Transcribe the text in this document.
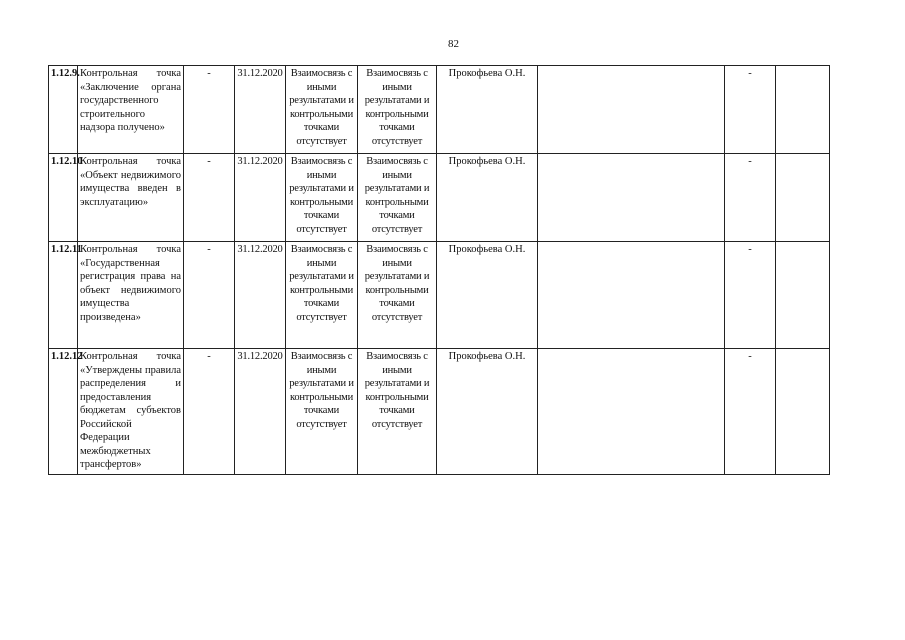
82
1.12.9.	Контрольная точка «Заключение органа государственного строительного надзора получено»	-	31.12.2020	Взаимосвязь с иными результатами и контрольными точками отсутствует	Взаимосвязь с иными результатами и контрольными точками отсутствует	Прокофьева О.Н.		-	
1.12.10	Контрольная точка «Объект недвижимого имущества введен в эксплуатацию»	-	31.12.2020	Взаимосвязь с иными результатами и контрольными точками отсутствует	Взаимосвязь с иными результатами и контрольными точками отсутствует	Прокофьева О.Н.		-	
1.12.11	Контрольная точка «Государственная регистрация права на объект недвижимого имущества произведена»	-	31.12.2020	Взаимосвязь с иными результатами и контрольными точками отсутствует	Взаимосвязь с иными результатами и контрольными точками отсутствует	Прокофьева О.Н.		-	
1.12.12	Контрольная точка «Утверждены правила распределения и предоставления бюджетам субъектов Российской Федерации межбюджетных трансфертов»	-	31.12.2020	Взаимосвязь с иными результатами и контрольными точками отсутствует	Взаимосвязь с иными результатами и контрольными точками отсутствует	Прокофьева О.Н.		-	
